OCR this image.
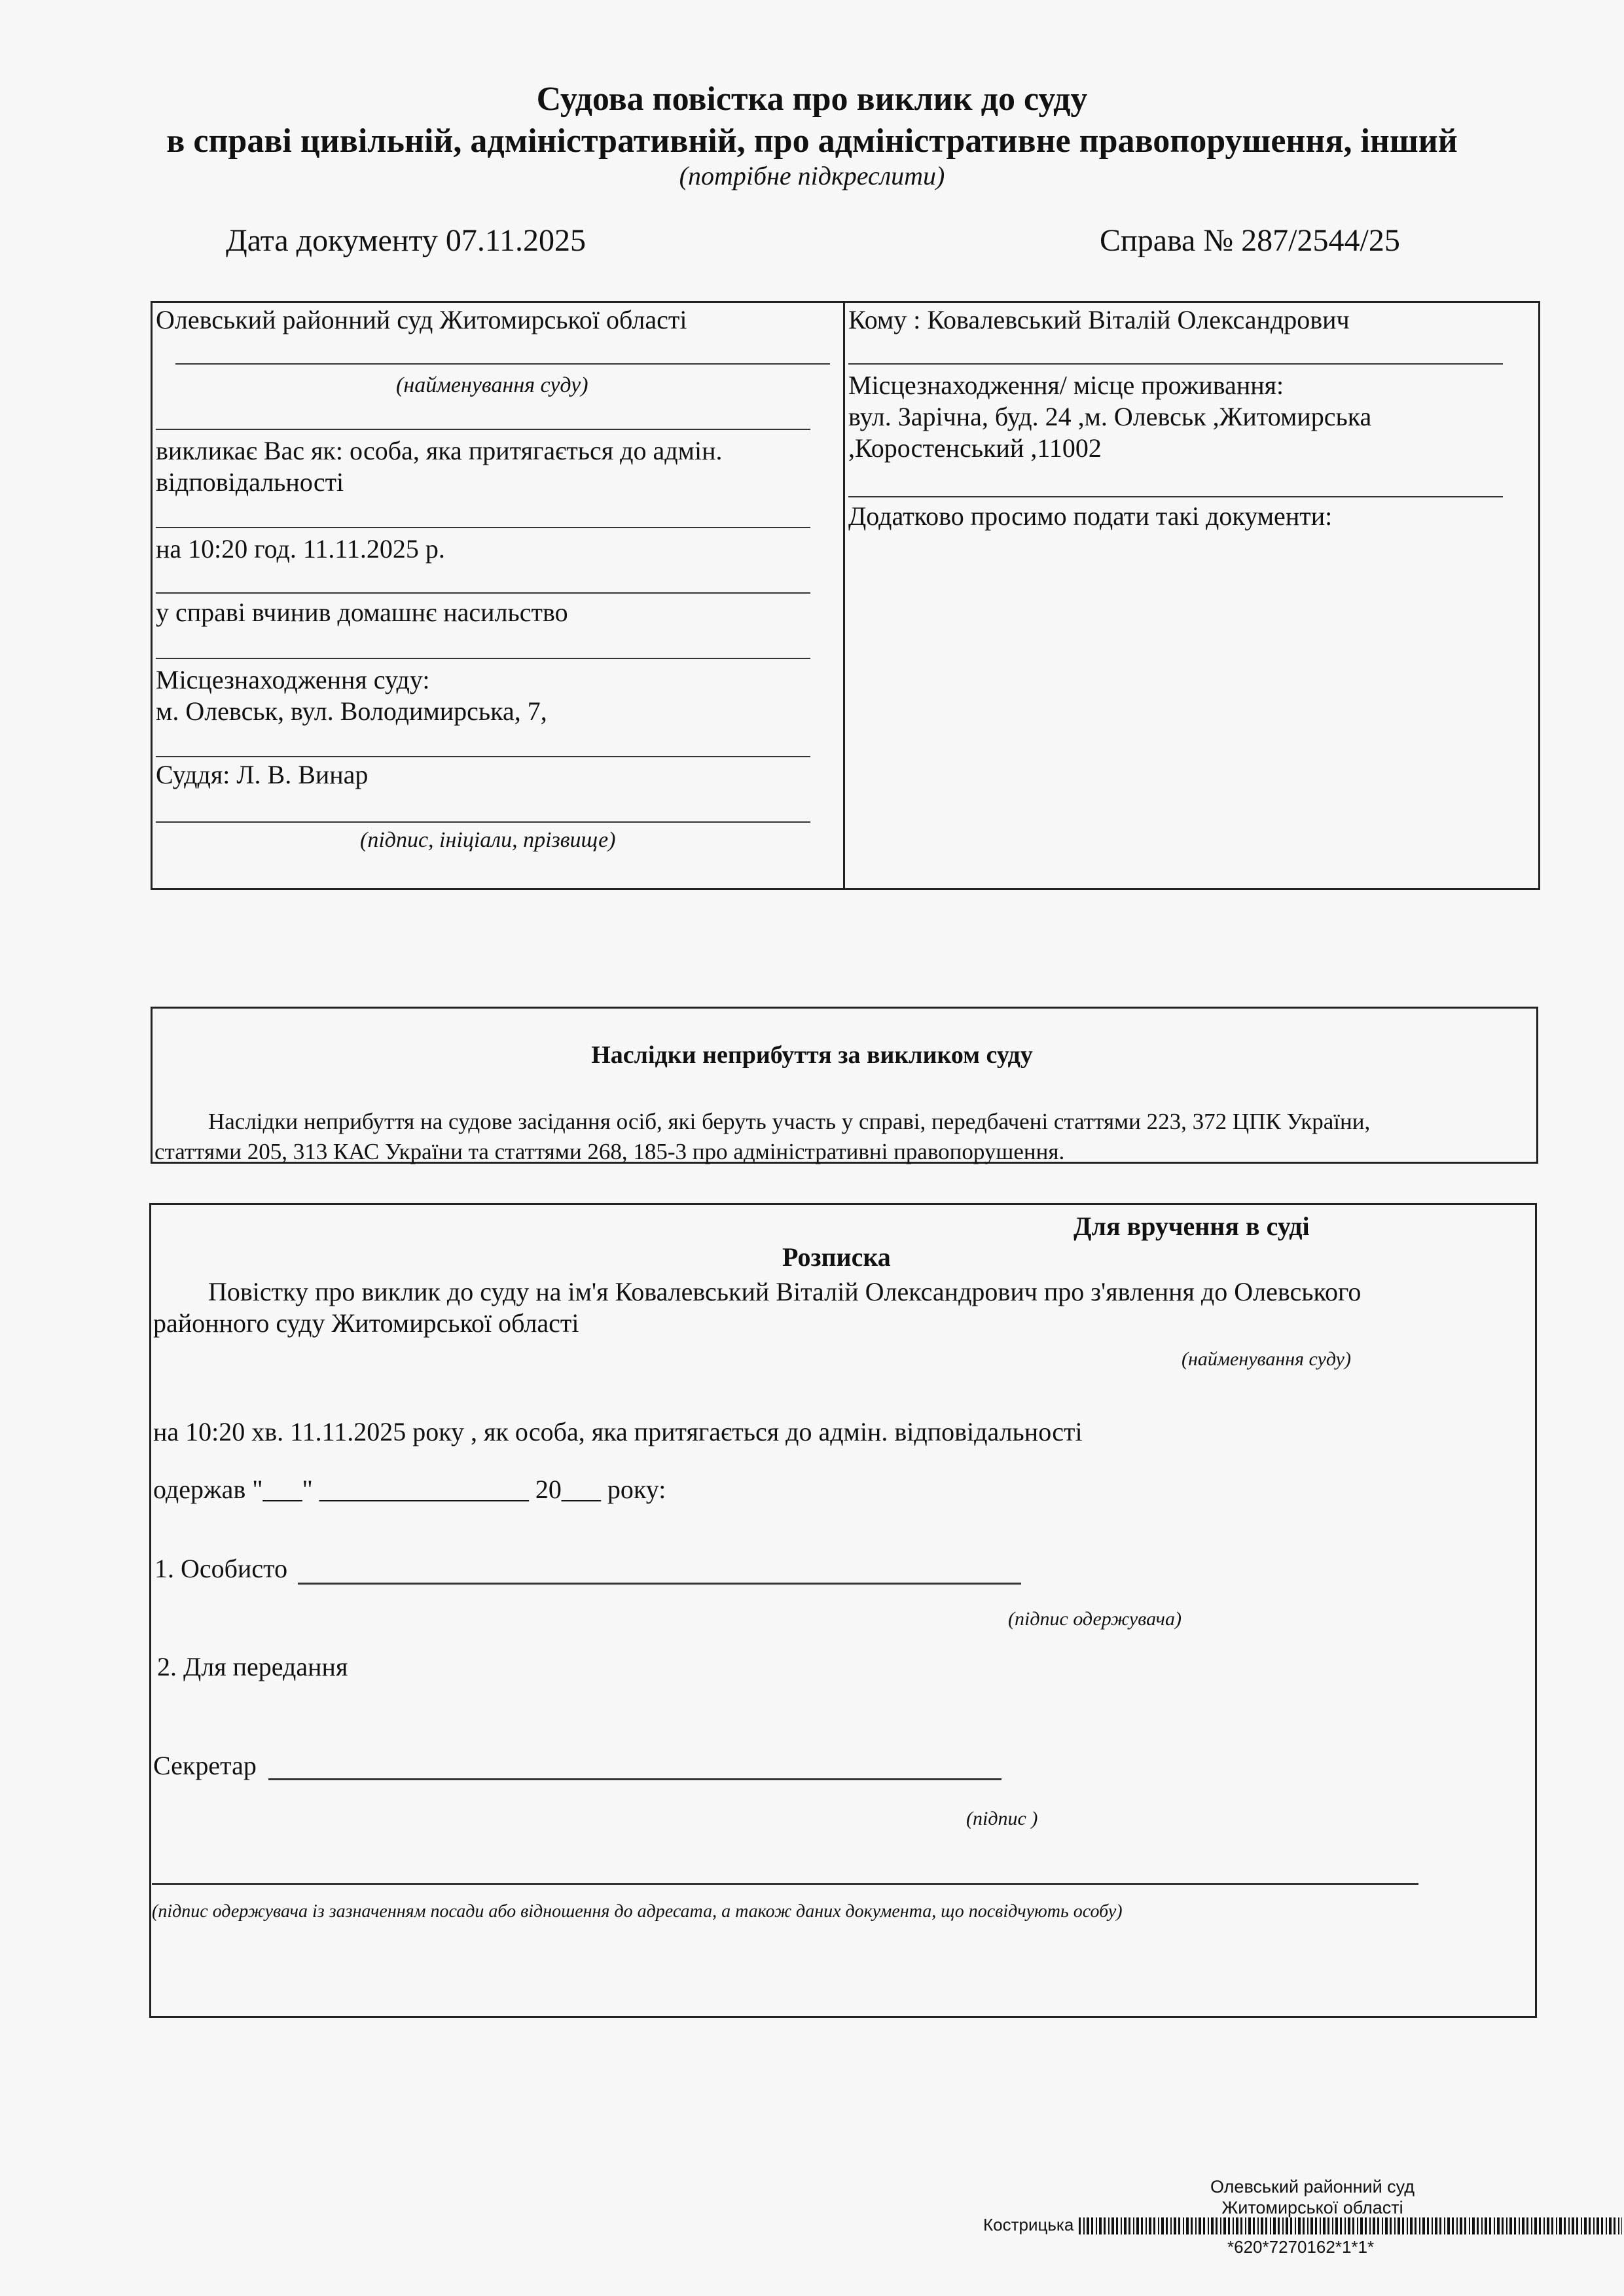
Судова повістка про виклик до суду
в справі цивільній, адміністративній, про адміністративне правопорушення, інший
(потрібне підкреслити)
Дата документу 07.11.2025	Справа № 287/2544/25
Олевський районний суд Житомирської області
(найменування суду)
викликає Вас як: особа, яка притягається до адмін. відповідальності
на 10:20 год. 11.11.2025 р.
у справі вчинив домашнє насильство
Місцезнаходження суду:
м. Олевськ, вул. Володимирська, 7,
Суддя: Л. В. Винар
(підпис, ініціали, прізвище)
Кому : Ковалевський Віталій Олександрович
Місцезнаходження/ місце проживання:
вул. Зарічна, буд. 24 ,м. Олевськ ,Житомирська
,Коростенський ,11002
Додатково просимо подати такі документи:
Наслідки неприбуття за викликом суду
Наслідки неприбуття на судове засідання осіб, які беруть участь у справі, передбачені статтями 223, 372 ЦПК України,
статтями 205, 313 КАС України та статтями 268, 185-3 про адміністративні правопорушення.
Для вручення в суді
Розписка
Повістку про виклик до суду на ім'я Ковалевський Віталій Олександрович про з'явлення до Олевського
районного суду Житомирської області
(найменування суду)
на 10:20 хв. 11.11.2025 року , як особа, яка притягається до адмін. відповідальності
одержав "___" ________________ 20___ року:
1. Особисто
(підпис одержувача)
2. Для передання
Секретар
(підпис )
(підпис одержувача із зазначенням посади або відношення до адресата, а також даних документа, що посвідчують особу)
Олевський районний суд
Житомирської області
Кострицька
*620*7270162*1*1*
